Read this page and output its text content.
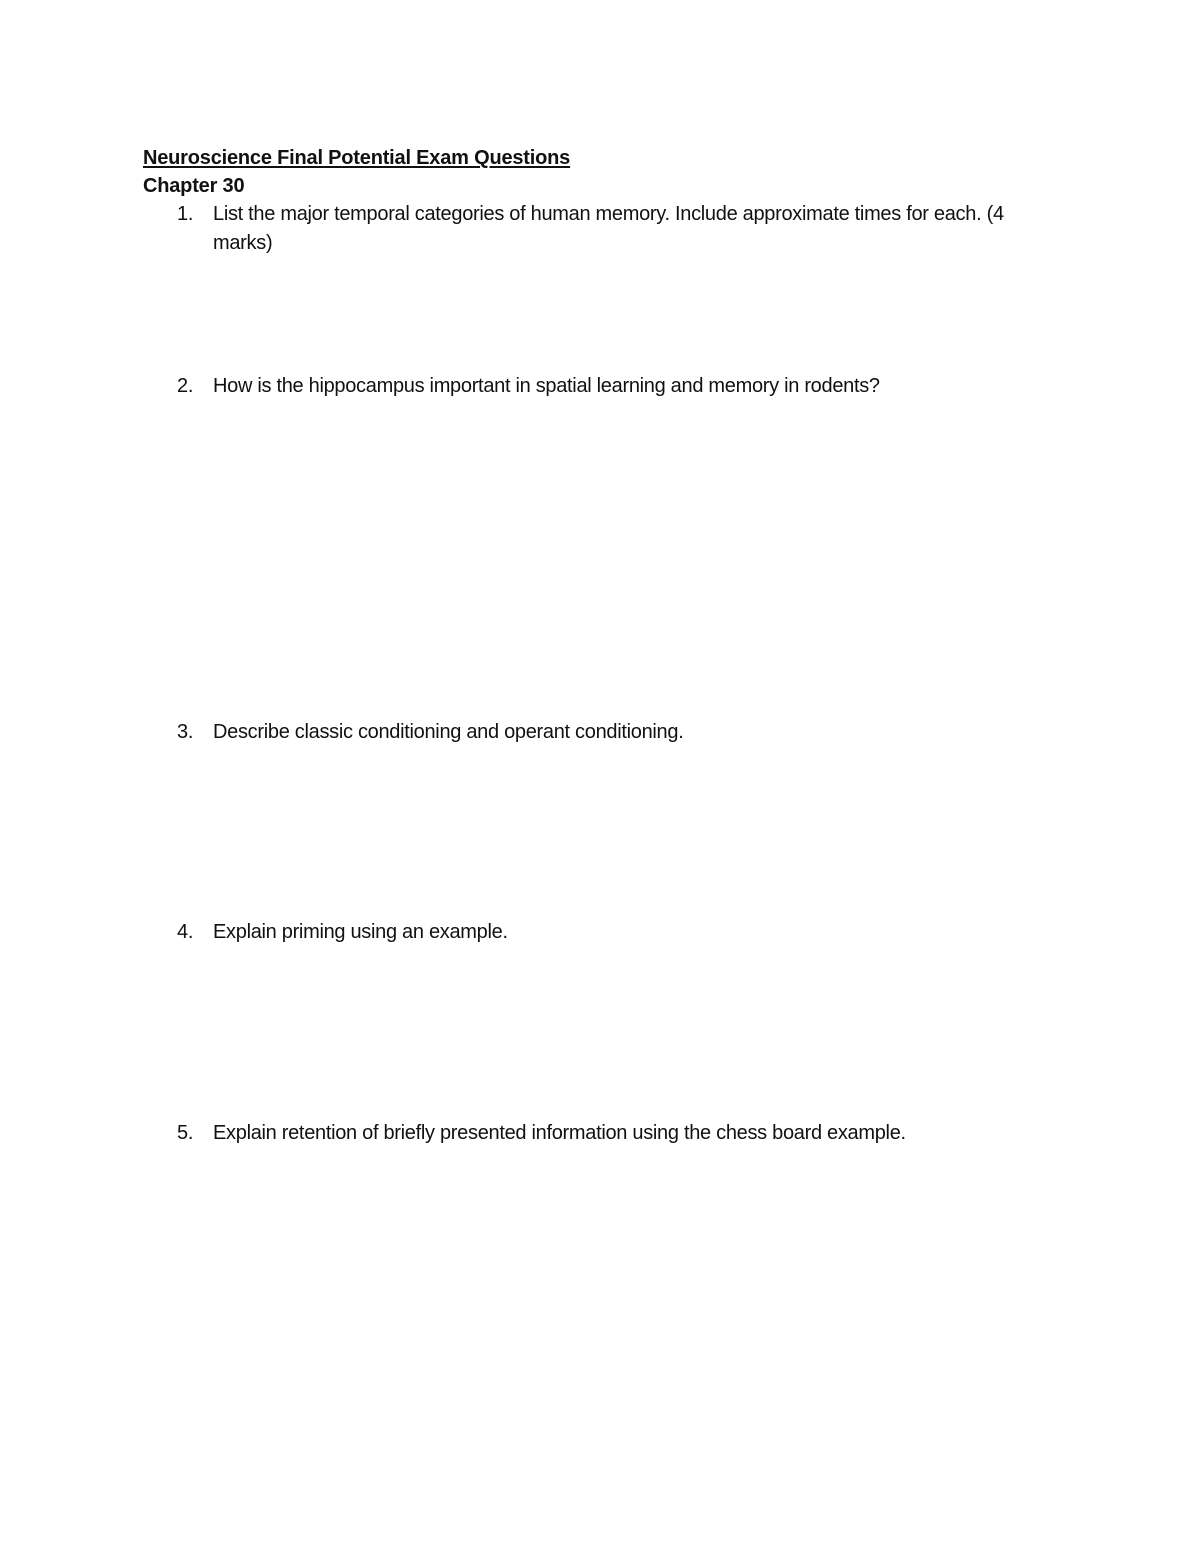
Neuroscience Final Potential Exam Questions
Chapter 30
1. List the major temporal categories of human memory. Include approximate times for each. (4 marks)
2. How is the hippocampus important in spatial learning and memory in rodents?
3. Describe classic conditioning and operant conditioning.
4. Explain priming using an example.
5. Explain retention of briefly presented information using the chess board example.
